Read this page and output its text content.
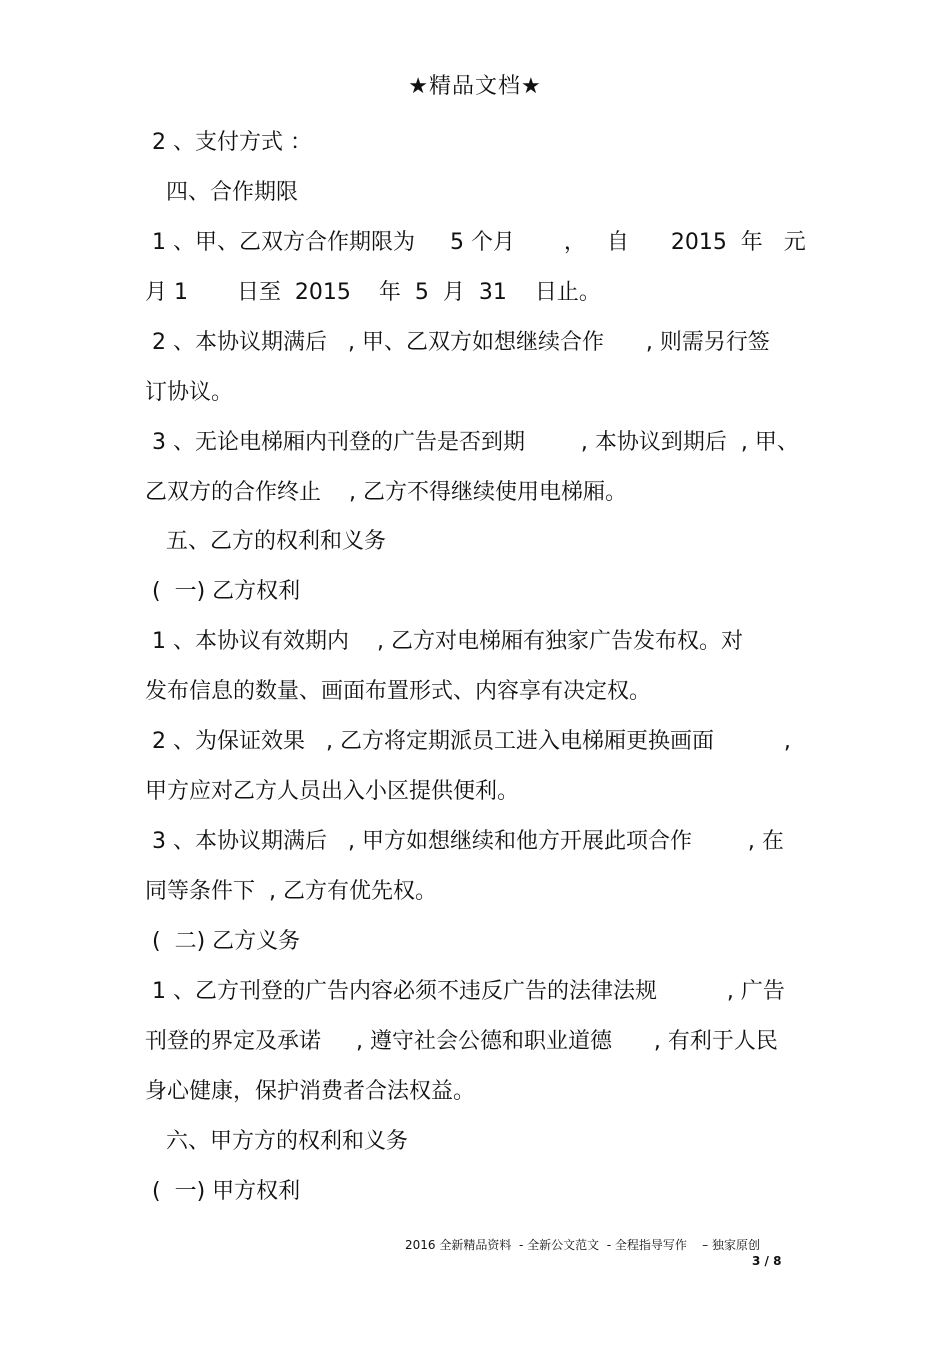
★精品文档★
2 、支付方式 ：
四、合作期限
1 、甲、乙双方合作期限为     5 个月       ，   自      2015  年   元
月 1       日至  2015    年  5  月  31    日止。
2 、本协议期满后   , 甲、乙双方如想继续合作      , 则需另行签
订协议。
3 、无论电梯厢内刊登的广告是否到期        , 本协议到期后  , 甲、
乙双方的合作终止    , 乙方不得继续使用电梯厢。
五、乙方的权利和义务
(  一) 乙方权利
1 、本协议有效期内    , 乙方对电梯厢有独家广告发布权。对
发布信息的数量、画面布置形式、内容享有决定权。
2 、为保证效果   , 乙方将定期派员工进入电梯厢更换画面          ,
甲方应对乙方人员出入小区提供便利。
3 、本协议期满后   , 甲方如想继续和他方开展此项合作        , 在
同等条件下  , 乙方有优先权。
(  二) 乙方义务
1 、乙方刊登的广告内容必须不违反广告的法律法规          , 广告
刊登的界定及承诺     , 遵守社会公德和职业道德      , 有利于人民
身心健康，保护消费者合法权益。
六、甲方方的权利和义务
(  一) 甲方权利
2016 全新精品资料  - 全新公文范文  - 全程指导写作    – 独家原创
3 / 8
